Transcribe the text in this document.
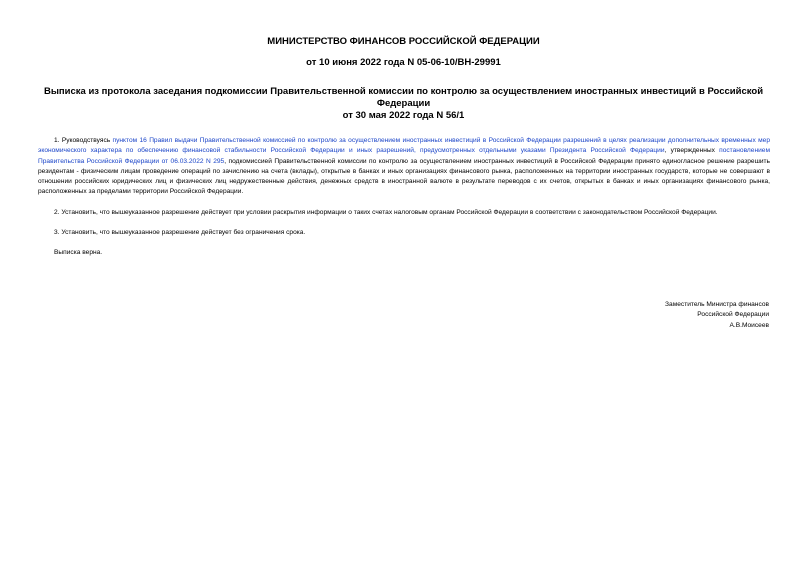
МИНИСТЕРСТВО ФИНАНСОВ РОССИЙСКОЙ ФЕДЕРАЦИИ
от 10 июня 2022 года N 05-06-10/ВН-29991
Выписка из протокола заседания подкомиссии Правительственной комиссии по контролю за осуществлением иностранных инвестиций в Российской Федерации
от 30 мая 2022 года N 56/1

1. Руководствуясь пунктом 16 Правил выдачи Правительственной комиссией по контролю за осуществлением иностранных инвестиций в Российской Федерации разрешений в целях реализации дополнительных временных мер экономического характера по обеспечению финансовой стабильности Российской Федерации и иных разрешений, предусмотренных отдельными указами Президента Российской Федерации, утвержденных постановлением Правительства Российской Федерации от 06.03.2022 N 295, подкомиссией Правительственной комиссии по контролю за осуществлением иностранных инвестиций в Российской Федерации принято единогласное решение разрешить резидентам - физическим лицам проведение операций по зачислению на счета (вклады), открытые в банках и иных организациях финансового рынка, расположенных на территории иностранных государств, которые не совершают в отношении российских юридических лиц и физических лиц недружественные действия, денежных средств в иностранной валюте в результате переводов с их счетов, открытых в банках и иных организациях финансового рынка, расположенных за пределами территории Российской Федерации.

2. Установить, что вышеуказанное разрешение действует при условии раскрытия информации о таких счетах налоговым органам Российской Федерации в соответствии с законодательством Российской Федерации.

3. Установить, что вышеуказанное разрешение действует без ограничения срока.

Выписка верна.

Заместитель Министра финансов
Российской Федерации
А.В.Моисеев
